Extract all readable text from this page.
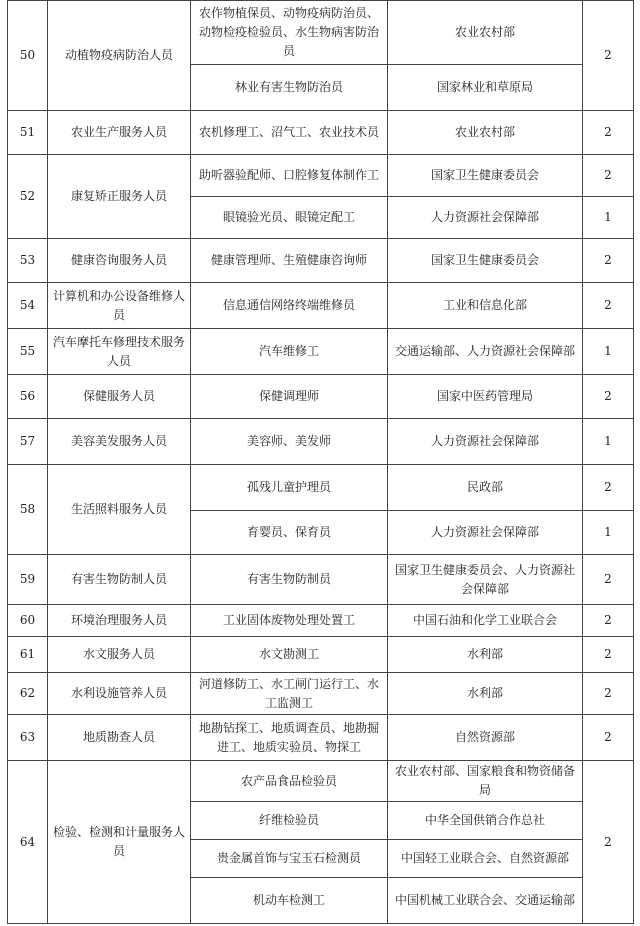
50	动植物疫病防治人员	农作物植保员、动物疫病防治员、动物检疫检验员、水生物病害防治员	农业农村部	2
		林业有害生物防治员	国家林业和草原局	
51	农业生产服务人员	农机修理工、沼气工、农业技术员	农业农村部	2
52	康复矫正服务人员	助听器验配师、口腔修复体制作工	国家卫生健康委员会	2
		眼镜验光员、眼镜定配工	人力资源社会保障部	1
53	健康咨询服务人员	健康管理师、生殖健康咨询师	国家卫生健康委员会	2
54	计算机和办公设备维修人员	信息通信网络终端维修员	工业和信息化部	2
55	汽车摩托车修理技术服务人员	汽车维修工	交通运输部、人力资源社会保障部	1
56	保健服务人员	保健调理师	国家中医药管理局	2
57	美容美发服务人员	美容师、美发师	人力资源社会保障部	1
58	生活照料服务人员	孤残儿童护理员	民政部	2
		育婴员、保育员	人力资源社会保障部	1
59	有害生物防制人员	有害生物防制员	国家卫生健康委员会、人力资源社会保障部	2
60	环境治理服务人员	工业固体废物处理处置工	中国石油和化学工业联合会	2
61	水文服务人员	水文勘测工	水利部	2
62	水利设施管养人员	河道修防工、水工闸门运行工、水工监测工	水利部	2
63	地质勘查人员	地勘钻探工、地质调查员、地勘掘进工、地质实验员、物探工	自然资源部	2
64	检验、检测和计量服务人员	农产品食品检验员	农业农村部、国家粮食和物资储备局	2
		纤维检验员	中华全国供销合作总社	
		贵金属首饰与宝玉石检测员	中国轻工业联合会、自然资源部	
		机动车检测工	中国机械工业联合会、交通运输部	
